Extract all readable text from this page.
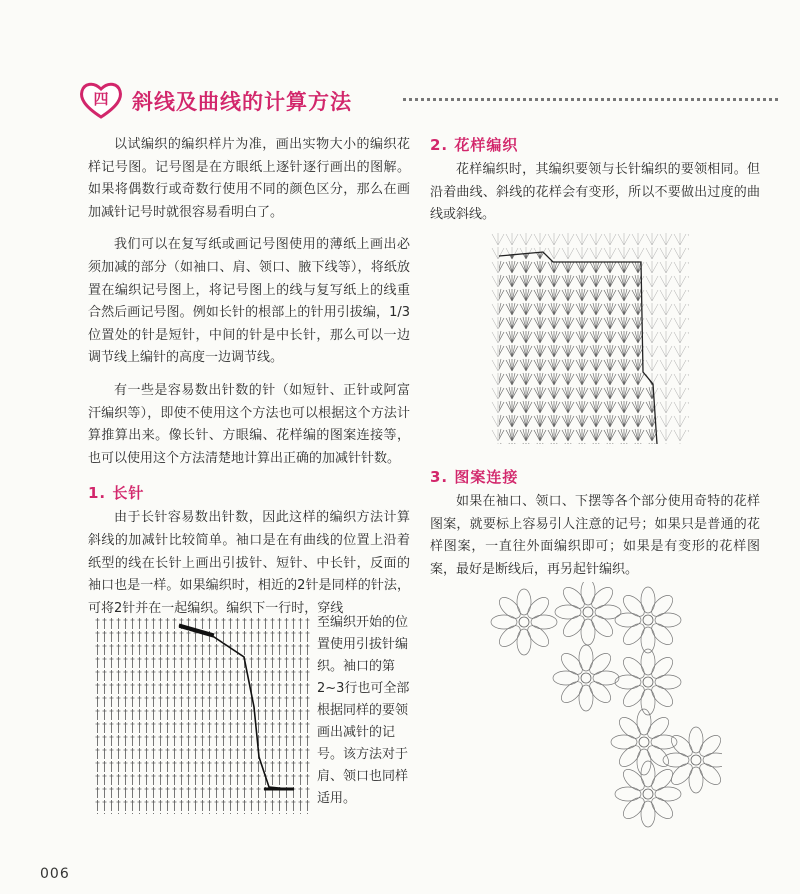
四	斜线及曲线的计算方法

以试编织的编织样片为准，画出实物大小的编织花样记号图。记号图是在方眼纸上逐针逐行画出的图解。如果将偶数行或奇数行使用不同的颜色区分，那么在画加减针记号时就很容易看明白了。

我们可以在复写纸或画记号图使用的薄纸上画出必须加减的部分（如袖口、肩、领口、腋下线等），将纸放置在编织记号图上，将记号图上的线与复写纸上的线重合然后画记号图。例如长针的根部上的针用引拔编，1/3位置处的针是短针，中间的针是中长针，那么可以一边调节线上编针的高度一边调节线。

有一些是容易数出针数的针（如短针、正针或阿富汗编织等），即使不使用这个方法也可以根据这个方法计算推算出来。像长针、方眼编、花样编的图案连接等，也可以使用这个方法清楚地计算出正确的加减针针数。

1. 长针

由于长针容易数出针数，因此这样的编织方法计算斜线的加减针比较简单。袖口是在有曲线的位置上沿着纸型的线在长针上画出引拔针、短针、中长针，反面的袖口也是一样。如果编织时，相近的2针是同样的针法，可将2针并在一起编织。编织下一行时，穿线

至编织开始的位置使用引拔针编织。袖口的第2~3行也可全部根据同样的要领画出减针的记号。该方法对于肩、领口也同样适用。

2. 花样编织

花样编织时，其编织要领与长针编织的要领相同。但沿着曲线、斜线的花样会有变形，所以不要做出过度的曲线或斜线。

3. 图案连接

如果在袖口、领口、下摆等各个部分使用奇特的花样图案，就要标上容易引人注意的记号；如果只是普通的花样图案，一直往外面编织即可；如果是有变形的花样图案，最好是断线后，再另起针编织。

006
